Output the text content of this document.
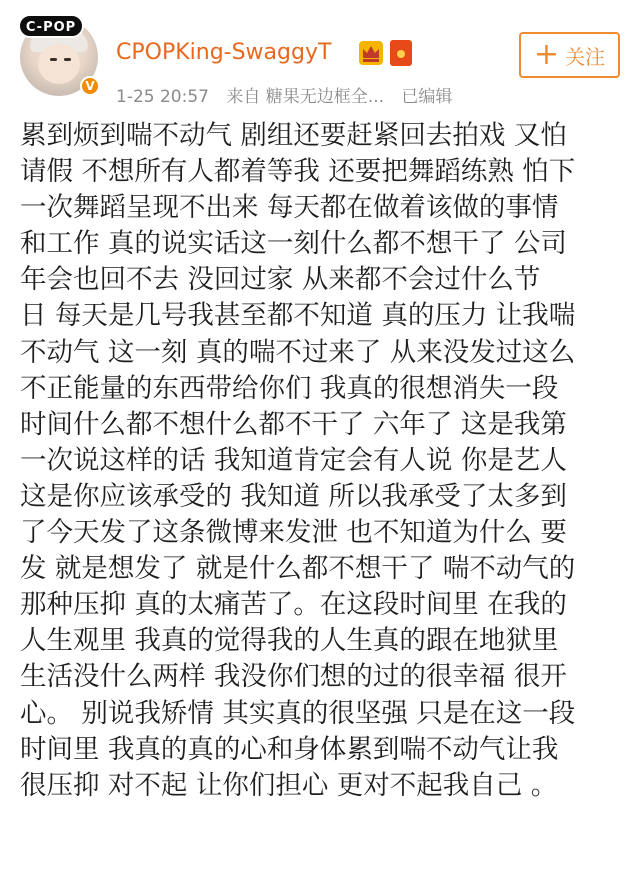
C-POP
V
CPOPKing-SwaggyT
1-25 20:57 来自 糖果无边框全... 已编辑
+ 关注
累到烦到喘不动气 剧组还要赶紧回去拍戏 又怕
请假 不想所有人都着等我 还要把舞蹈练熟 怕下
一次舞蹈呈现不出来 每天都在做着该做的事情
和工作 真的说实话这一刻什么都不想干了 公司
年会也回不去 没回过家 从来都不会过什么节
日 每天是几号我甚至都不知道 真的压力 让我喘
不动气 这一刻 真的喘不过来了 从来没发过这么
不正能量的东西带给你们 我真的很想消失一段
时间什么都不想什么都不干了 六年了 这是我第
一次说这样的话 我知道肯定会有人说 你是艺人
这是你应该承受的 我知道 所以我承受了太多到
了今天发了这条微博来发泄 也不知道为什么 要
发 就是想发了 就是什么都不想干了 喘不动气的
那种压抑 真的太痛苦了。在这段时间里 在我的
人生观里 我真的觉得我的人生真的跟在地狱里
生活没什么两样 我没你们想的过的很幸福 很开
心。 别说我矫情 其实真的很坚强 只是在这一段
时间里 我真的真的心和身体累到喘不动气让我
很压抑 对不起 让你们担心 更对不起我自己 。
